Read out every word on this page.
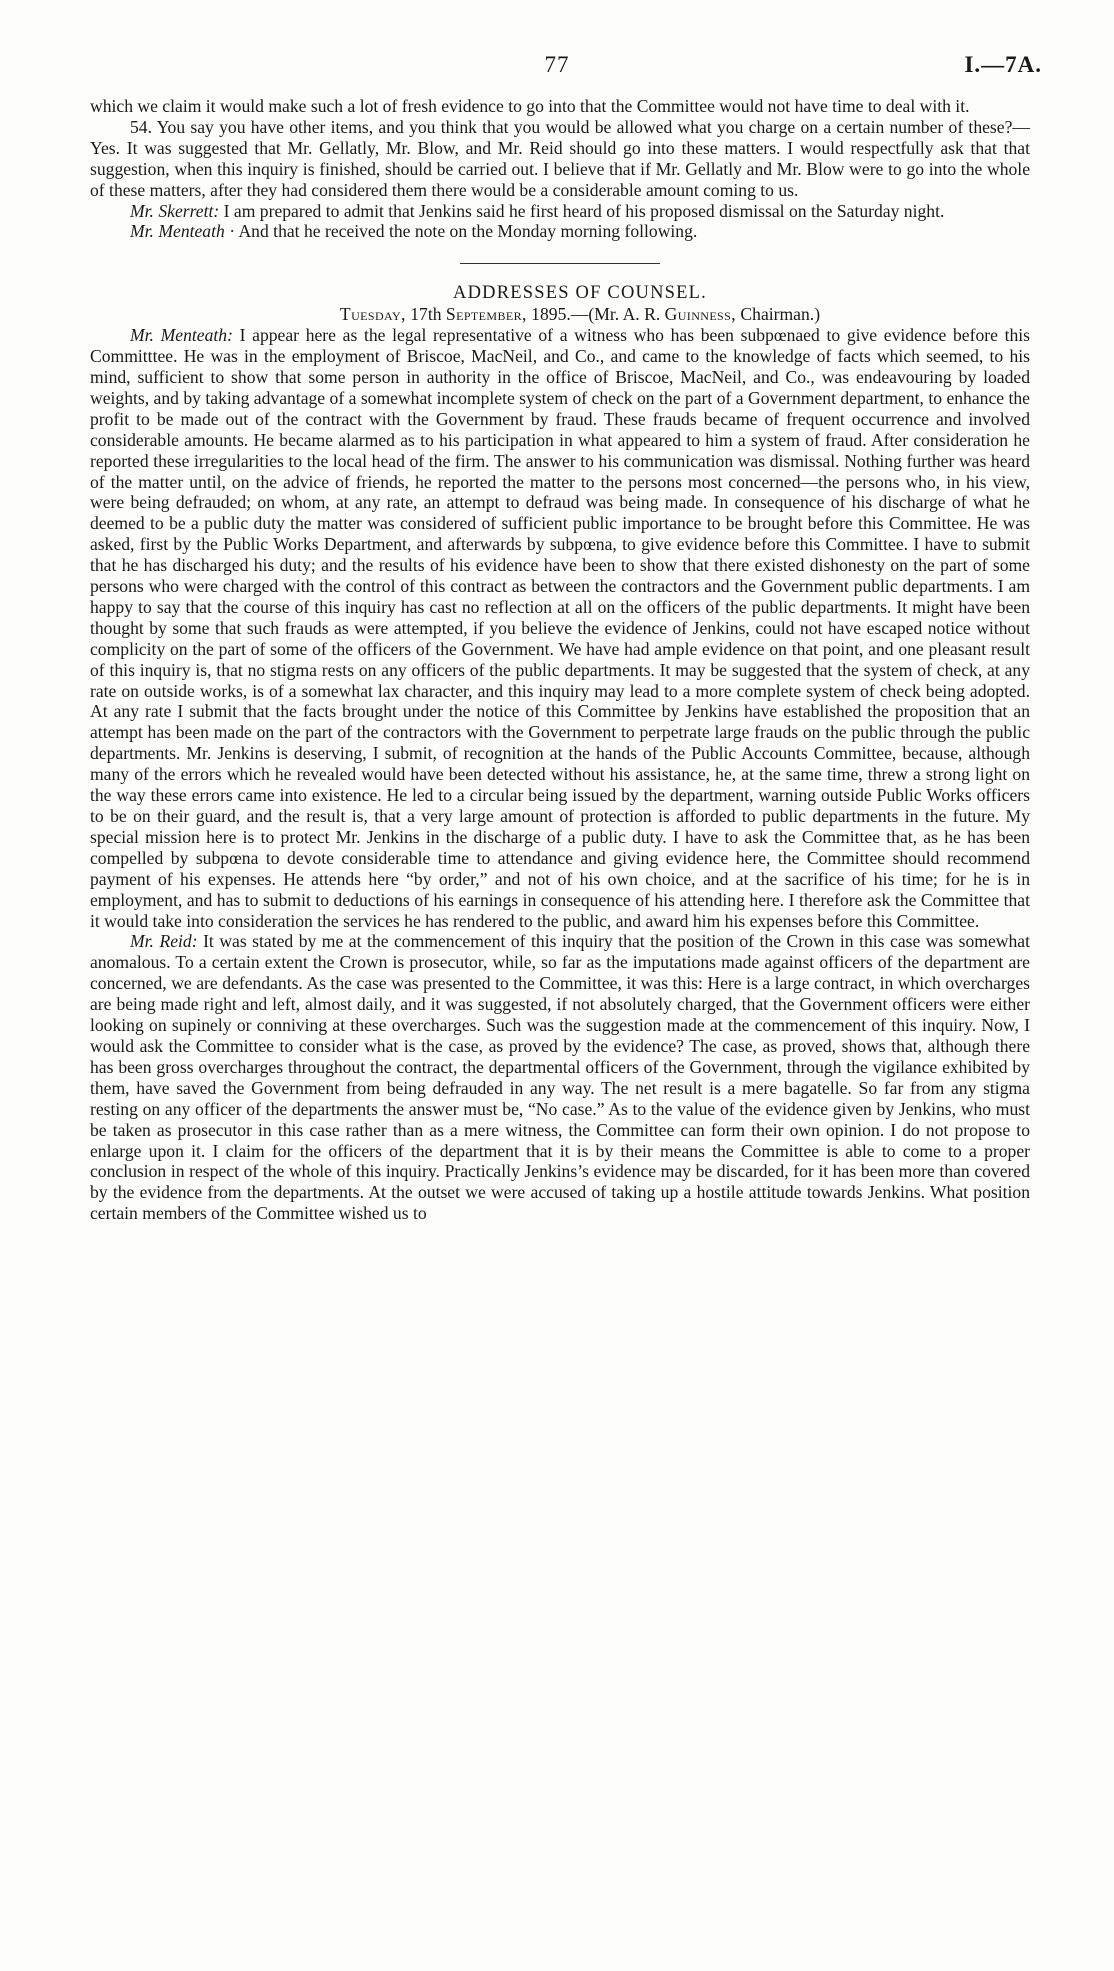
77	I.—7A.

which we claim it would make such a lot of fresh evidence to go into that the Committee would not have time to deal with it.

54. You say you have other items, and you think that you would be allowed what you charge on a certain number of these?—Yes. It was suggested that Mr. Gellatly, Mr. Blow, and Mr. Reid should go into these matters. I would respectfully ask that that suggestion, when this inquiry is finished, should be carried out. I believe that if Mr. Gellatly and Mr. Blow were to go into the whole of these matters, after they had considered them there would be a considerable amount coming to us.

Mr. Skerrett: I am prepared to admit that Jenkins said he first heard of his proposed dismissal on the Saturday night.

Mr. Menteath · And that he received the note on the Monday morning following.

ADDRESSES OF COUNSEL.

Tuesday, 17th September, 1895.—(Mr. A. R. Guinness, Chairman.)

Mr. Menteath: I appear here as the legal representative of a witness who has been subpœnaed to give evidence before this Committtee. He was in the employment of Briscoe, MacNeil, and Co., and came to the knowledge of facts which seemed, to his mind, sufficient to show that some person in authority in the office of Briscoe, MacNeil, and Co., was endeavouring by loaded weights, and by taking advantage of a somewhat incomplete system of check on the part of a Government department, to enhance the profit to be made out of the contract with the Government by fraud. These frauds became of frequent occurrence and involved considerable amounts. He became alarmed as to his participation in what appeared to him a system of fraud. After consideration he reported these irregularities to the local head of the firm. The answer to his communication was dismissal. Nothing further was heard of the matter until, on the advice of friends, he reported the matter to the persons most concerned—the persons who, in his view, were being defrauded; on whom, at any rate, an attempt to defraud was being made. In consequence of his discharge of what he deemed to be a public duty the matter was considered of sufficient public importance to be brought before this Committee. He was asked, first by the Public Works Department, and afterwards by subpœna, to give evidence before this Committee. I have to submit that he has discharged his duty; and the results of his evidence have been to show that there existed dishonesty on the part of some persons who were charged with the control of this contract as between the contractors and the Government public departments. I am happy to say that the course of this inquiry has cast no reflection at all on the officers of the public departments. It might have been thought by some that such frauds as were attempted, if you believe the evidence of Jenkins, could not have escaped notice without complicity on the part of some of the officers of the Government. We have had ample evidence on that point, and one pleasant result of this inquiry is, that no stigma rests on any officers of the public departments. It may be suggested that the system of check, at any rate on outside works, is of a somewhat lax character, and this inquiry may lead to a more complete system of check being adopted. At any rate I submit that the facts brought under the notice of this Committee by Jenkins have established the proposition that an attempt has been made on the part of the contractors with the Government to perpetrate large frauds on the public through the public departments. Mr. Jenkins is deserving, I submit, of recognition at the hands of the Public Accounts Committee, because, although many of the errors which he revealed would have been detected without his assistance, he, at the same time, threw a strong light on the way these errors came into existence. He led to a circular being issued by the department, warning outside Public Works officers to be on their guard, and the result is, that a very large amount of protection is afforded to public departments in the future. My special mission here is to protect Mr. Jenkins in the discharge of a public duty. I have to ask the Committee that, as he has been compelled by subpœna to devote considerable time to attendance and giving evidence here, the Committee should recommend payment of his expenses. He attends here “by order,” and not of his own choice, and at the sacrifice of his time; for he is in employment, and has to submit to deductions of his earnings in consequence of his attending here. I therefore ask the Committee that it would take into consideration the services he has rendered to the public, and award him his expenses before this Committee.

Mr. Reid: It was stated by me at the commencement of this inquiry that the position of the Crown in this case was somewhat anomalous. To a certain extent the Crown is prosecutor, while, so far as the imputations made against officers of the department are concerned, we are defendants. As the case was presented to the Committee, it was this: Here is a large contract, in which overcharges are being made right and left, almost daily, and it was suggested, if not absolutely charged, that the Government officers were either looking on supinely or conniving at these overcharges. Such was the suggestion made at the commencement of this inquiry. Now, I would ask the Committee to consider what is the case, as proved by the evidence? The case, as proved, shows that, although there has been gross overcharges throughout the contract, the departmental officers of the Government, through the vigilance exhibited by them, have saved the Government from being defrauded in any way. The net result is a mere bagatelle. So far from any stigma resting on any officer of the departments the answer must be, “No case.” As to the value of the evidence given by Jenkins, who must be taken as prosecutor in this case rather than as a mere witness, the Committee can form their own opinion. I do not propose to enlarge upon it. I claim for the officers of the department that it is by their means the Committee is able to come to a proper conclusion in respect of the whole of this inquiry. Practically Jenkins’s evidence may be discarded, for it has been more than covered by the evidence from the departments. At the outset we were accused of taking up a hostile attitude towards Jenkins. What position certain members of the Committee wished us to
